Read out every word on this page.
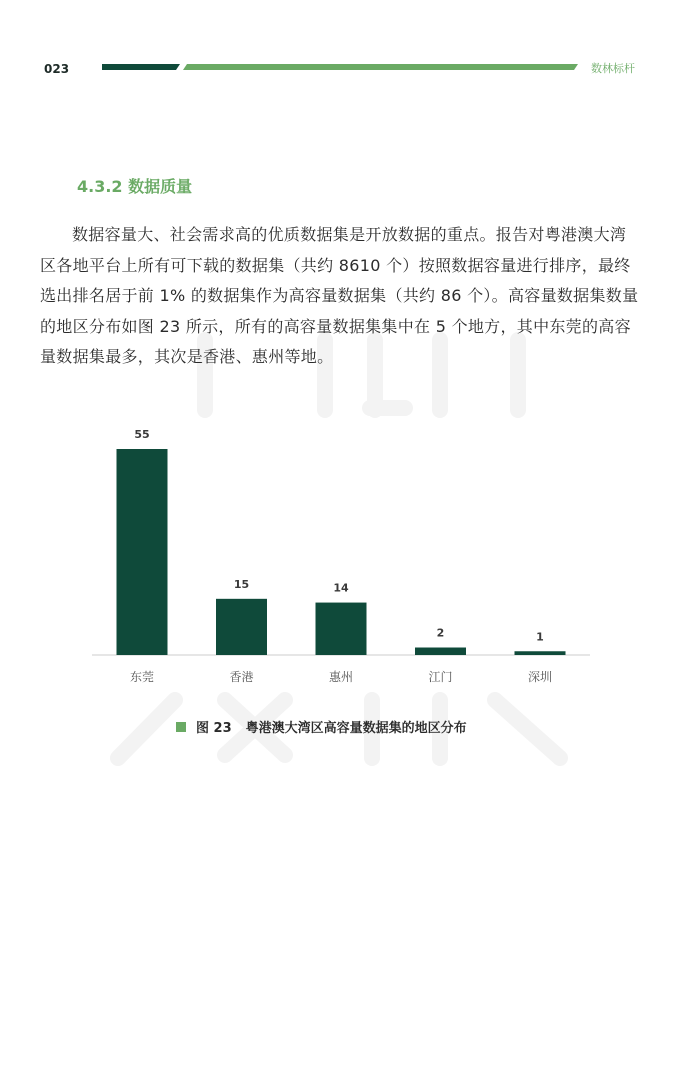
023	数林标杆
4.3.2 数据质量

数据容量大、社会需求高的优质数据集是开放数据的重点。报告对粤港澳大湾区各地平台上所有可下载的数据集（共约 8610 个）按照数据容量进行排序，最终选出排名居于前 1% 的数据集作为高容量数据集（共约 86 个）。高容量数据集数量的地区分布如图 23 所示，所有的高容量数据集集中在 5 个地方，其中东莞的高容量数据集最多，其次是香港、惠州等地。

55
东莞
15
香港
14
惠州
2
江门
1
深圳
图 23 粤港澳大湾区高容量数据集的地区分布
